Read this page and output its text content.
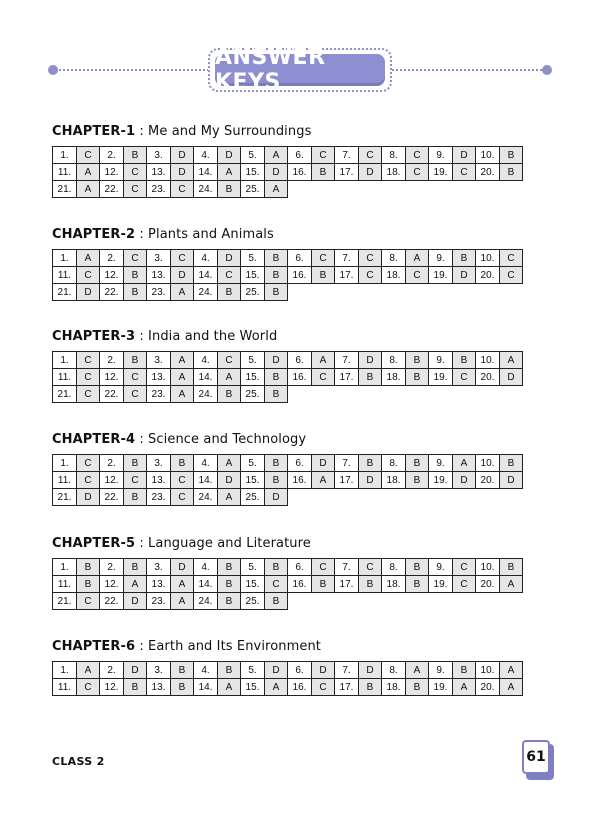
ANSWER KEYS
CHAPTER-1 : Me and My Surroundings
1.	C	2.	B	3.	D	4.	D	5.	A	6.	C	7.	C	8.	C	9.	D	10.	B
11.	A	12.	C	13.	D	14.	A	15.	D	16.	B	17.	D	18.	C	19.	C	20.	B
21.	A	22.	C	23.	C	24.	B	25.	A										
CHAPTER-2 : Plants and Animals
1.	A	2.	C	3.	C	4.	D	5.	B	6.	C	7.	C	8.	A	9.	B	10.	C
11.	C	12.	B	13.	D	14.	C	15.	B	16.	B	17.	C	18.	C	19.	D	20.	C
21.	D	22.	B	23.	A	24.	B	25.	B										
CHAPTER-3 : India and the World
1.	C	2.	B	3.	A	4.	C	5.	D	6.	A	7.	D	8.	B	9.	B	10.	A
11.	C	12.	C	13.	A	14.	A	15.	B	16.	C	17.	B	18.	B	19.	C	20.	D
21.	C	22.	C	23.	A	24.	B	25.	B										
CHAPTER-4 : Science and Technology
1.	C	2.	B	3.	B	4.	A	5.	B	6.	D	7.	B	8.	B	9.	A	10.	B
11.	C	12.	C	13.	C	14.	D	15.	B	16.	A	17.	D	18.	B	19.	D	20.	D
21.	D	22.	B	23.	C	24.	A	25.	D										
CHAPTER-5 : Language and Literature
1.	B	2.	B	3.	D	4.	B	5.	B	6.	C	7.	C	8.	B	9.	C	10.	B
11.	B	12.	A	13.	A	14.	B	15.	C	16.	B	17.	B	18.	B	19.	C	20.	A
21.	C	22.	D	23.	A	24.	B	25.	B										
CHAPTER-6 : Earth and Its Environment
1.	A	2.	D	3.	B	4.	B	5.	D	6.	D	7.	D	8.	A	9.	B	10.	A
11.	C	12.	B	13.	B	14.	A	15.	A	16.	C	17.	B	18.	B	19.	A	20.	A
CLASS 2	61
